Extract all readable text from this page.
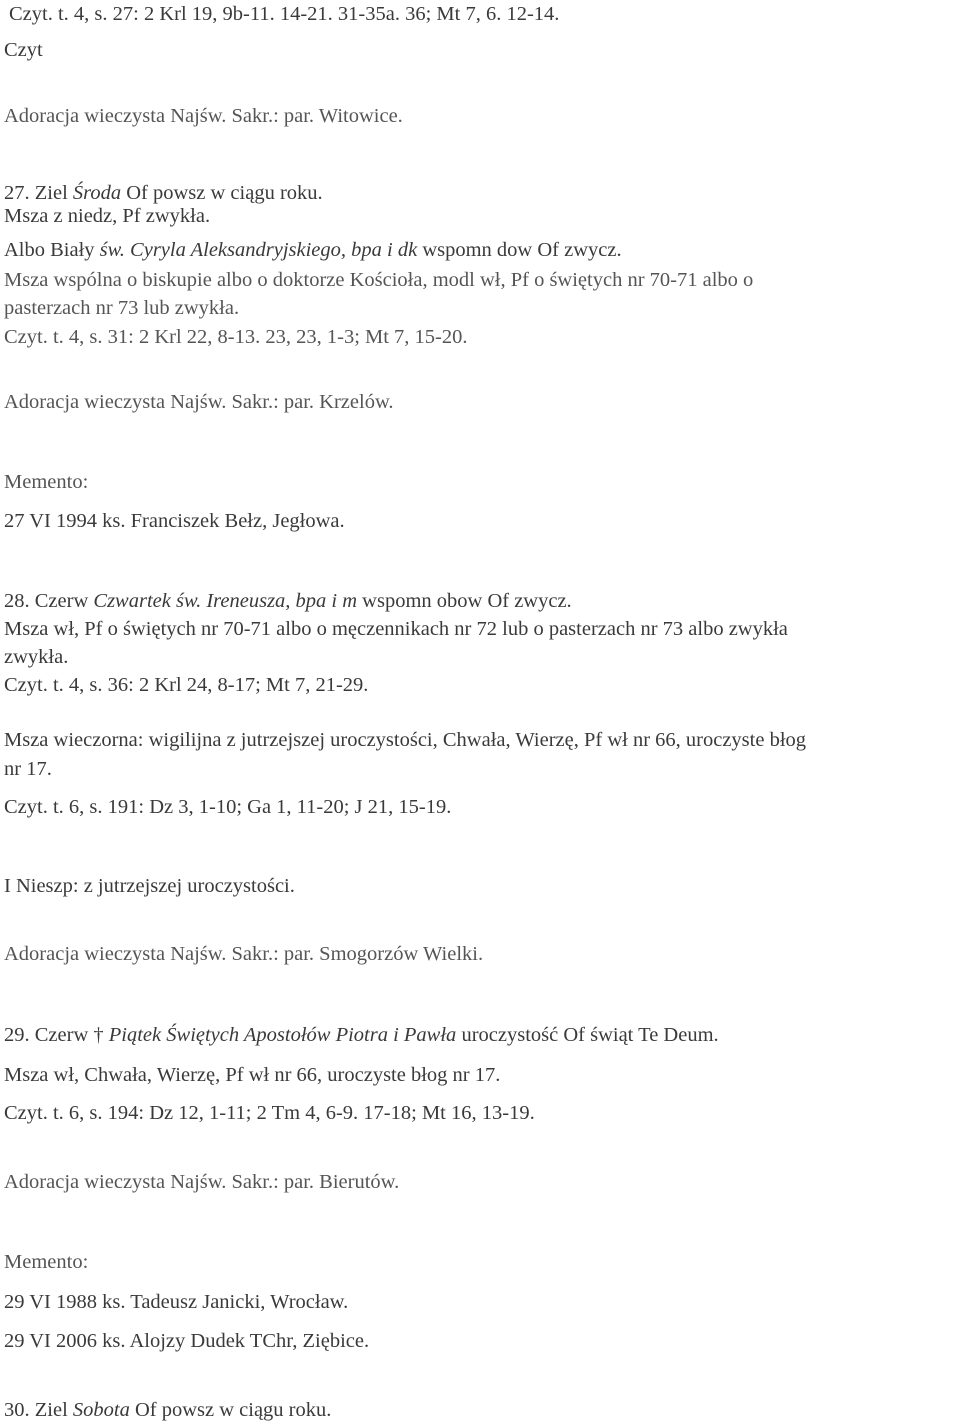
Czyt. t. 4, s. 27: 2 Krl 19, 9b-11. 14-21. 31-35a. 36; Mt 7, 6. 12-14.
Czyt
Adoracja wieczysta Najśw. Sakr.: par. Witowice.
27. Ziel Środa Of powsz w ciągu roku.
Msza z niedz, Pf zwykła.
Albo Biały św. Cyryla Aleksandryjskiego, bpa i dk wspomn dow Of zwycz.
Msza wspólna o biskupie albo o doktorze Kościoła, modl wł, Pf o świętych nr 70-71 albo o
pasterzach nr 73 lub zwykła.
Czyt. t. 4, s. 31: 2 Krl 22, 8-13. 23, 23, 1-3; Mt 7, 15-20.
Adoracja wieczysta Najśw. Sakr.: par. Krzelów.
Memento:
27 VI 1994 ks. Franciszek Bełz, Jegłowa.
28. Czerw Czwartek św. Ireneusza, bpa i m wspomn obow Of zwycz.
Msza wł, Pf o świętych nr 70-71 albo o męczennikach nr 72 lub o pasterzach nr 73 albo zwykła
zwykła.
Czyt. t. 4, s. 36: 2 Krl 24, 8-17; Mt 7, 21-29.
Msza wieczorna: wigilijna z jutrzejszej uroczystości, Chwała, Wierzę, Pf wł nr 66, uroczyste błog
nr 17.
Czyt. t. 6, s. 191: Dz 3, 1-10; Ga 1, 11-20; J 21, 15-19.
I Nieszp: z jutrzejszej uroczystości.
Adoracja wieczysta Najśw. Sakr.: par. Smogorzów Wielki.
29. Czerw † Piątek Świętych Apostołów Piotra i Pawła uroczystość Of świąt Te Deum.
Msza wł, Chwała, Wierzę, Pf wł nr 66, uroczyste błog nr 17.
Czyt. t. 6, s. 194: Dz 12, 1-11; 2 Tm 4, 6-9. 17-18; Mt 16, 13-19.
Adoracja wieczysta Najśw. Sakr.: par. Bierutów.
Memento:
29 VI 1988 ks. Tadeusz Janicki, Wrocław.
29 VI 2006 ks. Alojzy Dudek TChr, Ziębice.
30. Ziel Sobota Of powsz w ciągu roku.
